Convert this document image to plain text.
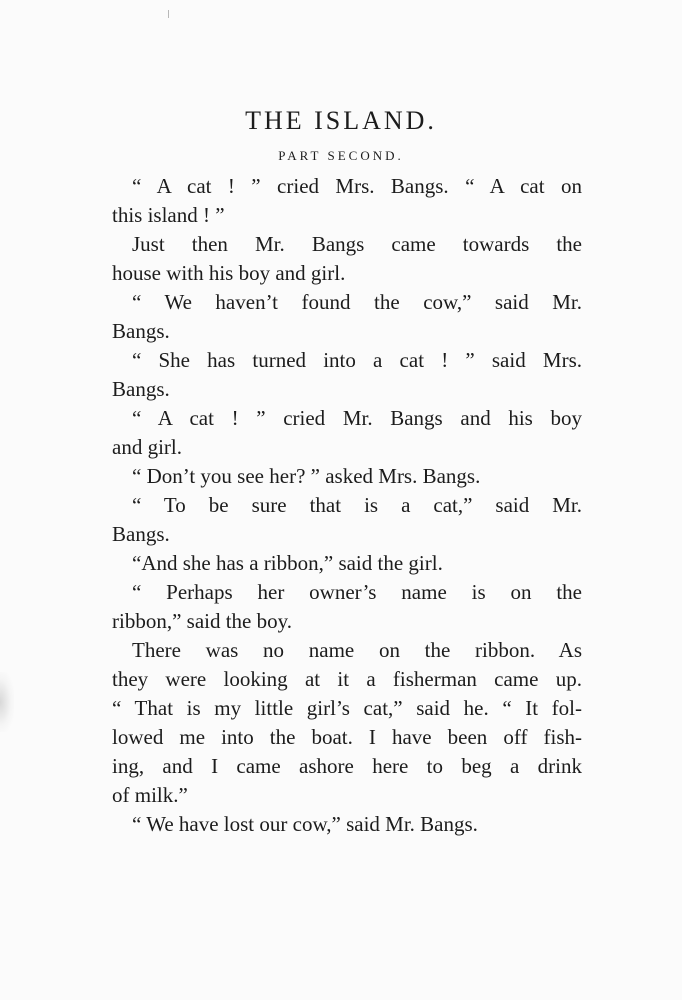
THE ISLAND.
PART SECOND.
“ A cat ! ” cried Mrs. Bangs. “ A cat on
this island ! ”
Just then Mr. Bangs came towards the
house with his boy and girl.
“ We haven’t found the cow,” said Mr.
Bangs.
“ She has turned into a cat ! ” said Mrs.
Bangs.
“ A cat ! ” cried Mr. Bangs and his boy
and girl.
“ Don’t you see her? ” asked Mrs. Bangs.
“ To be sure that is a cat,” said Mr.
Bangs.
“And she has a ribbon,” said the girl.
“ Perhaps her owner’s name is on the
ribbon,” said the boy.
There was no name on the ribbon. As
they were looking at it a fisherman came up.
“ That is my little girl’s cat,” said he. “ It fol-
lowed me into the boat. I have been off fish-
ing, and I came ashore here to beg a drink
of milk.”
“ We have lost our cow,” said Mr. Bangs.
